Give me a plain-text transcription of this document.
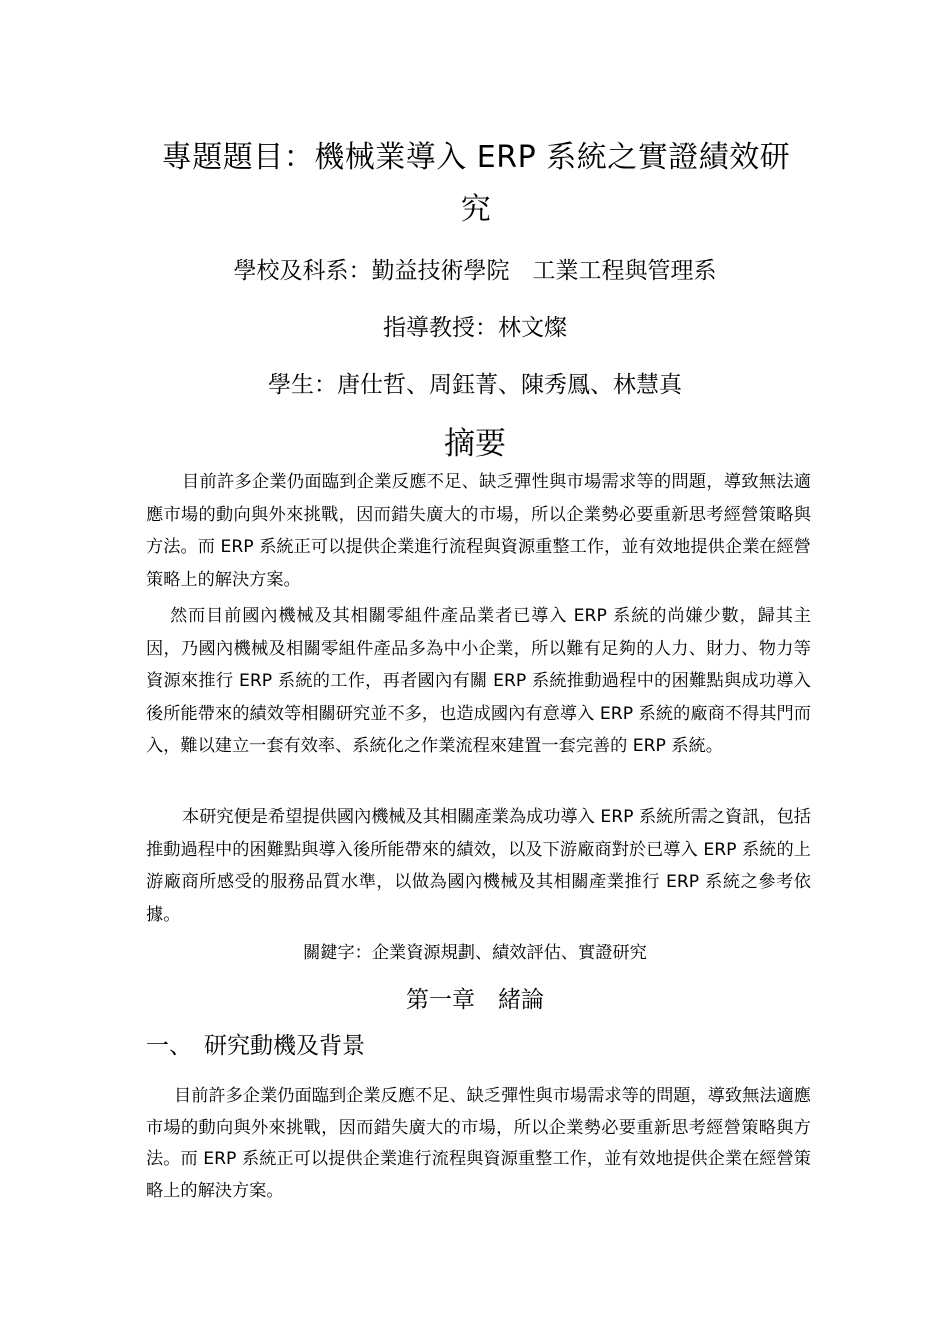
專題題目：機械業導入 ERP 系統之實證績效研
究
學校及科系：勤益技術學院　工業工程與管理系
指導教授：林文燦
學生：唐仕哲、周鈺菁、陳秀鳳、林慧真
摘要

目前許多企業仍面臨到企業反應不足、缺乏彈性與市場需求等的問題，導致無法適應市場的動向與外來挑戰，因而錯失廣大的市場，所以企業勢必要重新思考經營策略與方法。而 ERP 系統正可以提供企業進行流程與資源重整工作，並有效地提供企業在經營策略上的解決方案。

然而目前國內機械及其相關零組件產品業者已導入 ERP 系統的尚嫌少數，歸其主因，乃國內機械及相關零組件產品多為中小企業，所以難有足夠的人力、財力、物力等資源來推行 ERP 系統的工作，再者國內有關 ERP 系統推動過程中的困難點與成功導入後所能帶來的績效等相關研究並不多，也造成國內有意導入 ERP 系統的廠商不得其門而入，難以建立一套有效率、系統化之作業流程來建置一套完善的 ERP 系統。

本研究便是希望提供國內機械及其相關產業為成功導入 ERP 系統所需之資訊，包括推動過程中的困難點與導入後所能帶來的績效，以及下游廠商對於已導入 ERP 系統的上游廠商所感受的服務品質水準，以做為國內機械及其相關產業推行 ERP 系統之參考依據。

關鍵字：企業資源規劃、績效評估、實證研究
第一章　緒論
一、 研究動機及背景

目前許多企業仍面臨到企業反應不足、缺乏彈性與市場需求等的問題，導致無法適應市場的動向與外來挑戰，因而錯失廣大的市場，所以企業勢必要重新思考經營策略與方法。而 ERP 系統正可以提供企業進行流程與資源重整工作，並有效地提供企業在經營策略上的解決方案。
